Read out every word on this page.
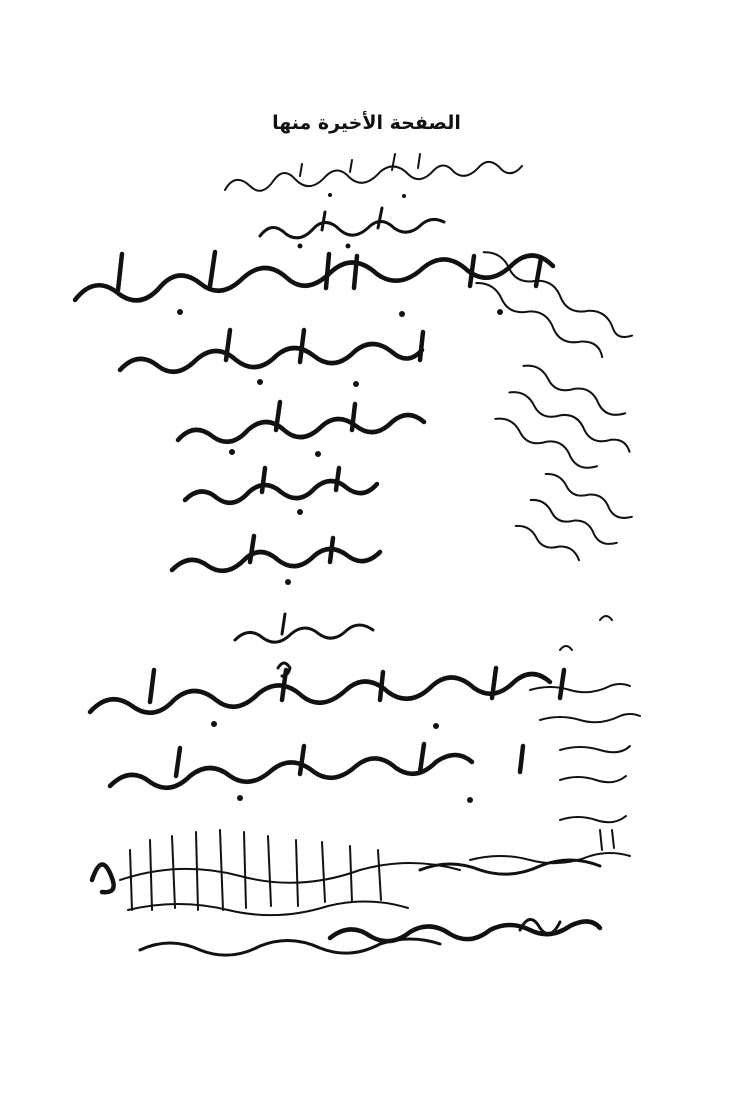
الصفحة الأخيرة منها
